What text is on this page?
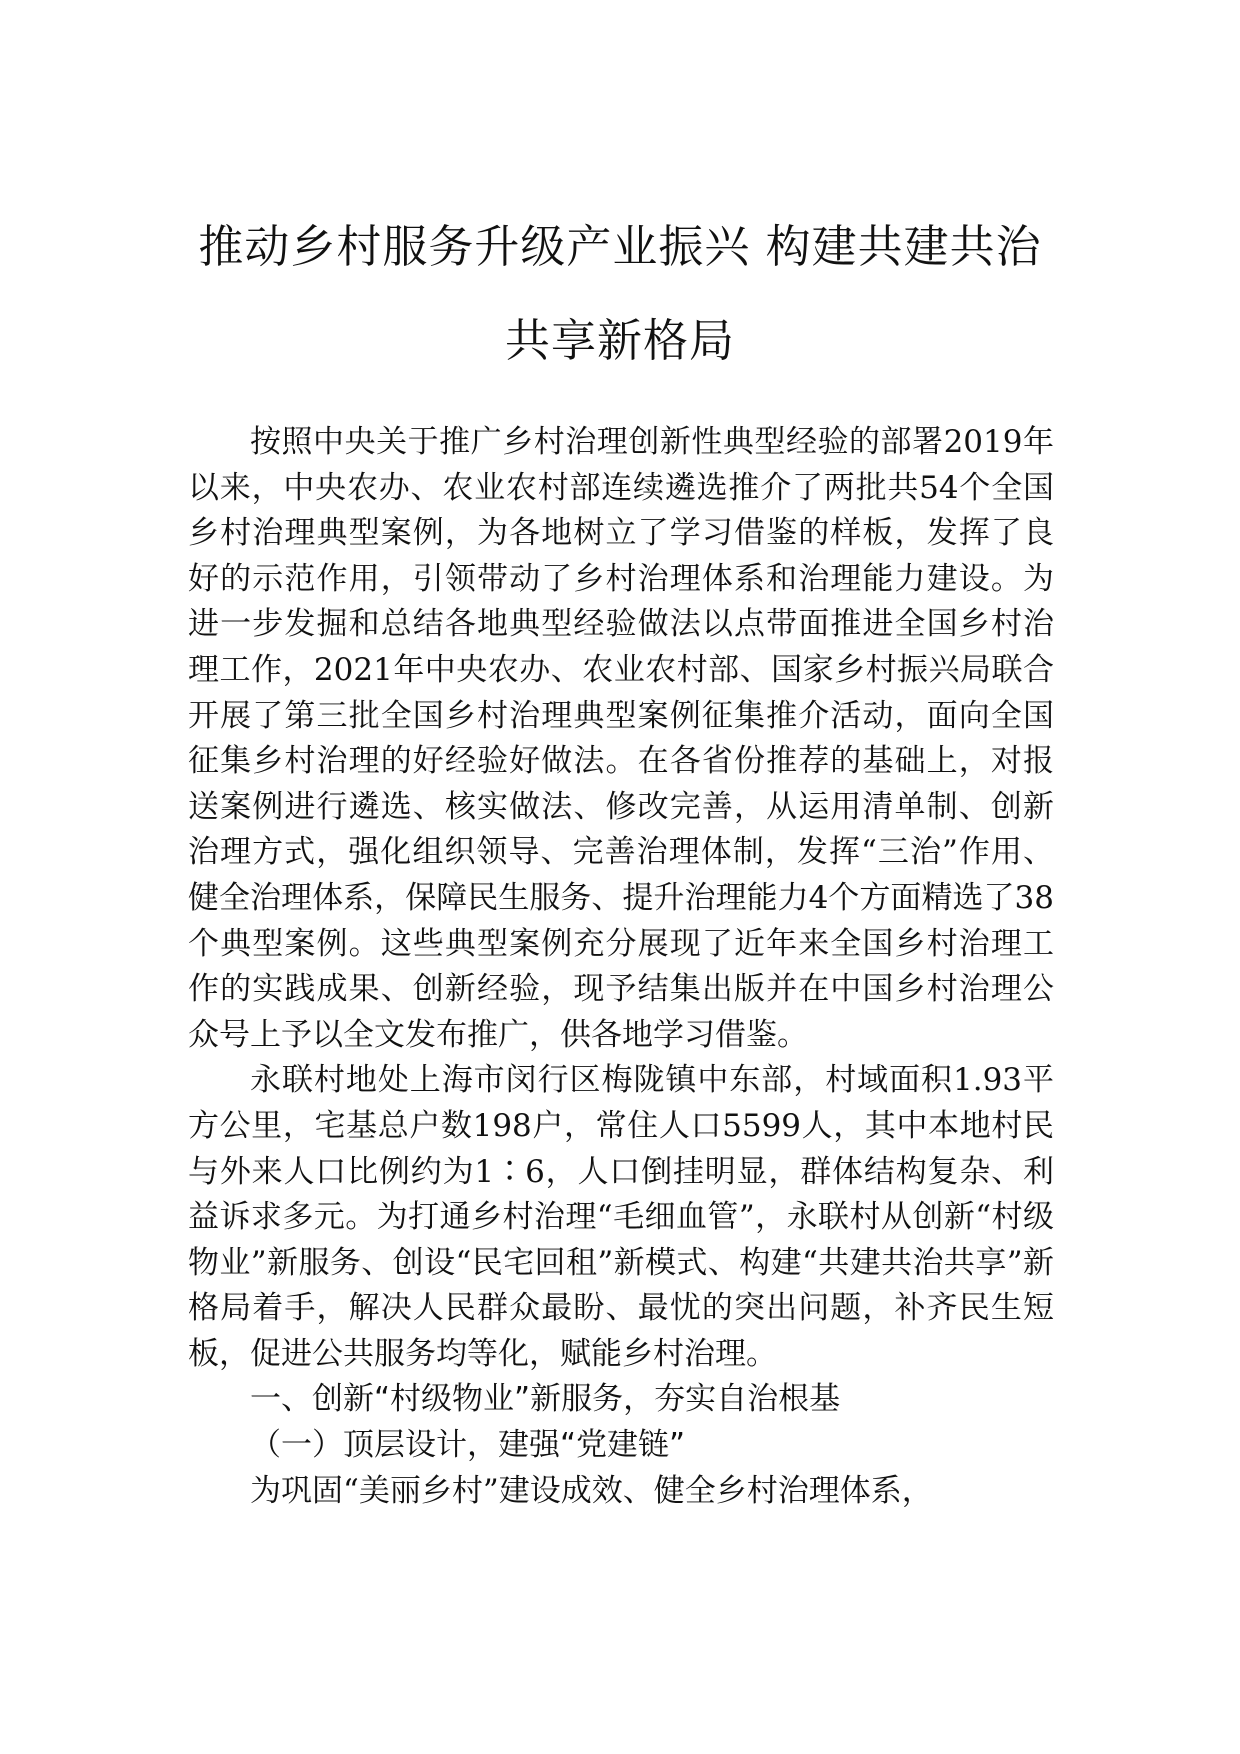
推动乡村服务升级产业振兴 构建共建共治
共享新格局

按照中央关于推广乡村治理创新性典型经验的部署2019年以来，中央农办、农业农村部连续遴选推介了两批共54个全国乡村治理典型案例，为各地树立了学习借鉴的样板，发挥了良好的示范作用，引领带动了乡村治理体系和治理能力建设。为进一步发掘和总结各地典型经验做法以点带面推进全国乡村治理工作，2021年中央农办、农业农村部、国家乡村振兴局联合开展了第三批全国乡村治理典型案例征集推介活动，面向全国征集乡村治理的好经验好做法。在各省份推荐的基础上，对报送案例进行遴选、核实做法、修改完善，从运用清单制、创新治理方式，强化组织领导、完善治理体制，发挥“三治”作用、健全治理体系，保障民生服务、提升治理能力4个方面精选了38个典型案例。这些典型案例充分展现了近年来全国乡村治理工作的实践成果、创新经验，现予结集出版并在中国乡村治理公众号上予以全文发布推广，供各地学习借鉴。

永联村地处上海市闵行区梅陇镇中东部，村域面积1.93平方公里，宅基总户数198户，常住人口5599人，其中本地村民与外来人口比例约为1∶6，人口倒挂明显，群体结构复杂、利益诉求多元。为打通乡村治理“毛细血管”，永联村从创新“村级物业”新服务、创设“民宅回租”新模式、构建“共建共治共享”新格局着手，解决人民群众最盼、最忧的突出问题，补齐民生短板，促进公共服务均等化，赋能乡村治理。

一、创新“村级物业”新服务，夯实自治根基

（一）顶层设计，建强“党建链”

为巩固“美丽乡村”建设成效、健全乡村治理体系，
